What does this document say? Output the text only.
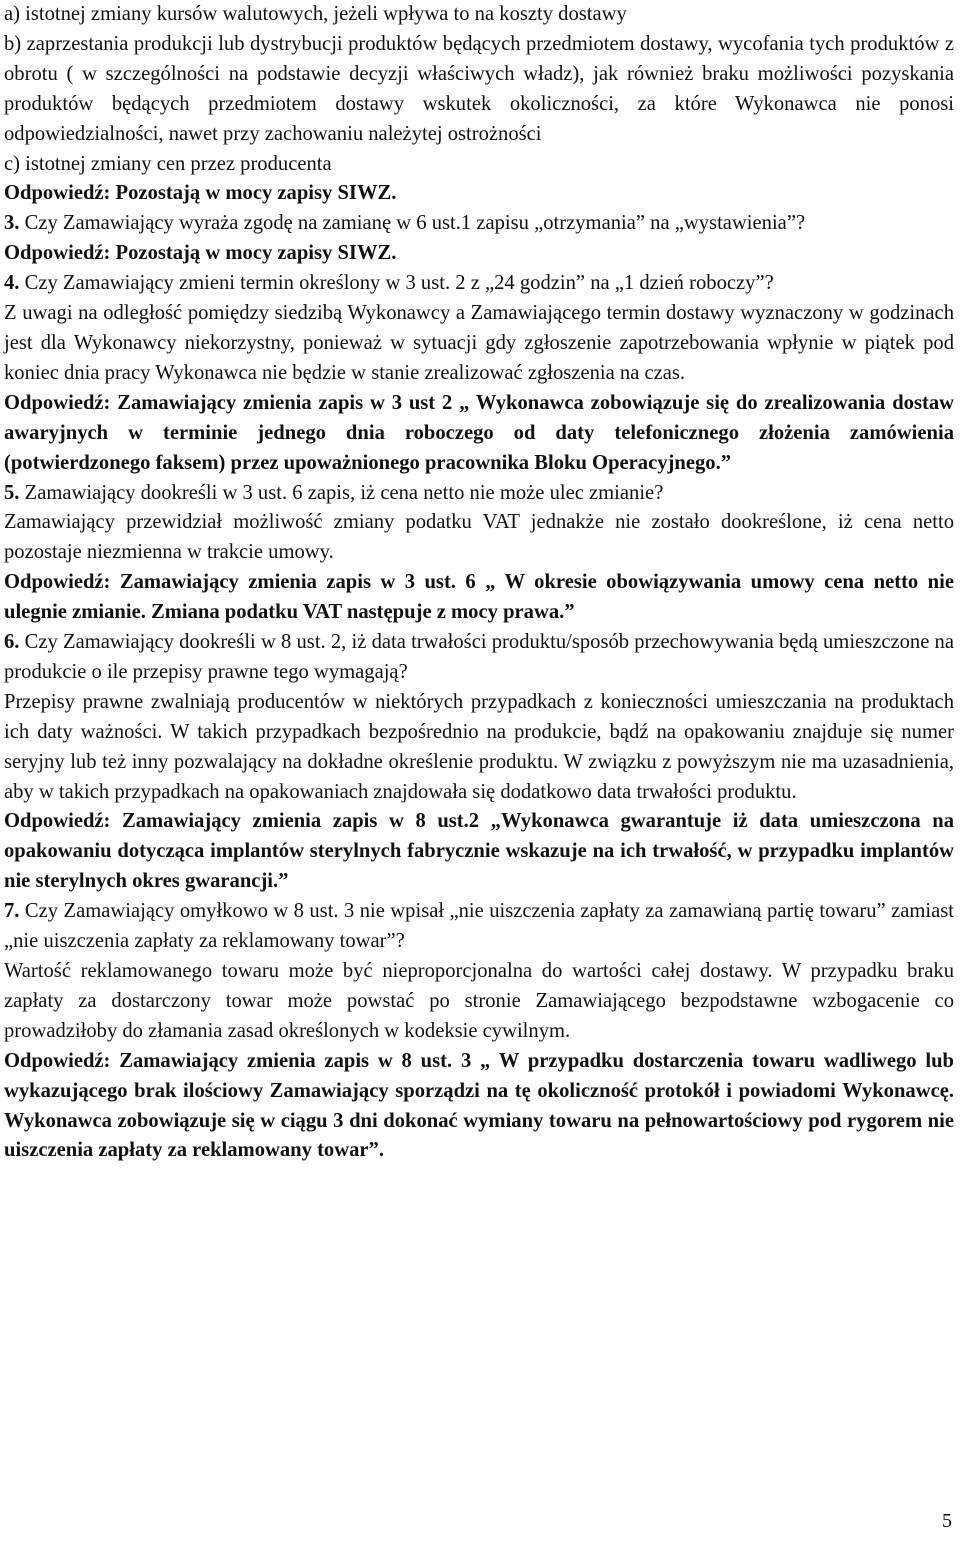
a) istotnej zmiany kursów walutowych, jeżeli wpływa to na koszty dostawy

b) zaprzestania produkcji lub dystrybucji produktów będących przedmiotem dostawy, wycofania tych produktów z obrotu ( w szczególności na podstawie decyzji właściwych władz), jak również braku możliwości pozyskania produktów będących przedmiotem dostawy wskutek okoliczności, za które Wykonawca nie ponosi odpowiedzialności, nawet przy zachowaniu należytej ostrożności

c) istotnej zmiany cen przez producenta

Odpowiedź: Pozostają w mocy zapisy SIWZ.

3. Czy Zamawiający wyraża zgodę na zamianę w 6 ust.1 zapisu „otrzymania” na „wystawienia”?

Odpowiedź: Pozostają w mocy zapisy SIWZ.

4. Czy Zamawiający zmieni termin określony w 3 ust. 2 z „24 godzin” na „1 dzień roboczy”?

Z uwagi na odległość pomiędzy siedzibą Wykonawcy a Zamawiającego termin dostawy wyznaczony w godzinach jest dla Wykonawcy niekorzystny, ponieważ w sytuacji gdy zgłoszenie zapotrzebowania wpłynie w piątek pod koniec dnia pracy Wykonawca nie będzie w stanie zrealizować zgłoszenia na czas.

Odpowiedź: Zamawiający zmienia zapis w 3 ust 2 „ Wykonawca zobowiązuje się do zrealizowania dostaw awaryjnych w terminie jednego dnia roboczego od daty telefonicznego złożenia zamówienia (potwierdzonego faksem) przez upoważnionego pracownika Bloku Operacyjnego.”

5. Zamawiający dookreśli w 3 ust. 6 zapis, iż cena netto nie może ulec zmianie?

Zamawiający przewidział możliwość zmiany podatku VAT jednakże nie zostało dookreślone, iż cena netto pozostaje niezmienna w trakcie umowy.

Odpowiedź: Zamawiający zmienia zapis w 3 ust. 6 „ W okresie obowiązywania umowy cena netto nie ulegnie zmianie. Zmiana podatku VAT następuje z mocy prawa.”

6. Czy Zamawiający dookreśli w 8 ust. 2, iż data trwałości produktu/sposób przechowywania będą umieszczone na produkcie o ile przepisy prawne tego wymagają?

Przepisy prawne zwalniają producentów w niektórych przypadkach z konieczności umieszczania na produktach ich daty ważności. W takich przypadkach bezpośrednio na produkcie, bądź na opakowaniu znajduje się numer seryjny lub też inny pozwalający na dokładne określenie produktu. W związku z powyższym nie ma uzasadnienia, aby w takich przypadkach na opakowaniach znajdowała się dodatkowo data trwałości produktu.

Odpowiedź: Zamawiający zmienia zapis w 8 ust.2 „Wykonawca gwarantuje iż data umieszczona na opakowaniu dotycząca implantów sterylnych fabrycznie wskazuje na ich trwałość, w przypadku implantów nie sterylnych okres gwarancji.”

7. Czy Zamawiający omyłkowo w 8 ust. 3 nie wpisał „nie uiszczenia zapłaty za zamawianą partię towaru” zamiast „nie uiszczenia zapłaty za reklamowany towar”?

Wartość reklamowanego towaru może być nieproporcjonalna do wartości całej dostawy. W przypadku braku zapłaty za dostarczony towar może powstać po stronie Zamawiającego bezpodstawne wzbogacenie co prowadziłoby do złamania zasad określonych w kodeksie cywilnym.

Odpowiedź: Zamawiający zmienia zapis w 8 ust. 3 „ W przypadku dostarczenia towaru wadliwego lub wykazującego brak ilościowy Zamawiający sporządzi na tę okoliczność protokół i powiadomi Wykonawcę. Wykonawca zobowiązuje się w ciągu 3 dni dokonać wymiany towaru na pełnowartościowy pod rygorem nie uiszczenia zapłaty za reklamowany towar”.

5
